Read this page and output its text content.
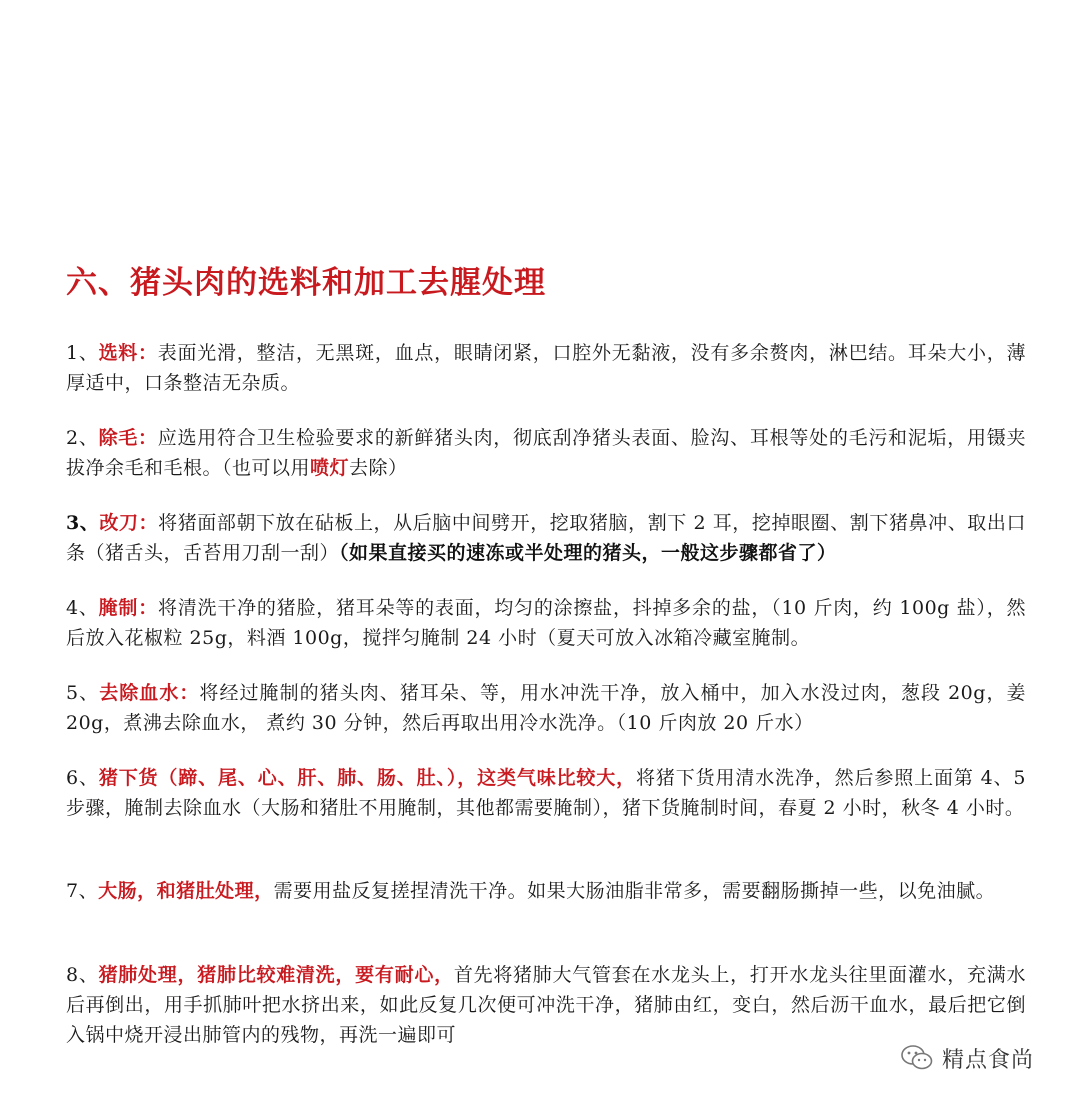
六、猪头肉的选料和加工去腥处理
1、选料：表面光滑，整洁，无黑斑，血点，眼睛闭紧，口腔外无黏液，没有多余赘肉，淋巴结。耳朵大小，薄厚适中，口条整洁无杂质。
2、除毛：应选用符合卫生检验要求的新鲜猪头肉，彻底刮净猪头表面、脸沟、耳根等处的毛污和泥垢，用镊夹拔净余毛和毛根。（也可以用喷灯去除）
3、改刀：将猪面部朝下放在砧板上，从后脑中间劈开，挖取猪脑，割下 2 耳，挖掉眼圈、割下猪鼻冲、取出口条（猪舌头，舌苔用刀刮一刮）（如果直接买的速冻或半处理的猪头，一般这步骤都省了）
4、腌制：将清洗干净的猪脸，猪耳朵等的表面，均匀的涂擦盐，抖掉多余的盐，（10 斤肉，约 100g 盐），然后放入花椒粒 25g，料酒 100g，搅拌匀腌制 24 小时（夏天可放入冰箱冷藏室腌制。
5、去除血水：将经过腌制的猪头肉、猪耳朵、等，用水冲洗干净，放入桶中，加入水没过肉，葱段 20g，姜 20g，煮沸去除血水， 煮约 30 分钟，然后再取出用冷水洗净。（10 斤肉放 20 斤水）
6、猪下货（蹄、尾、心、肝、肺、肠、肚、），这类气味比较大，将猪下货用清水洗净，然后参照上面第 4、5 步骤，腌制去除血水（大肠和猪肚不用腌制，其他都需要腌制），猪下货腌制时间，春夏 2 小时，秋冬 4 小时。
7、大肠，和猪肚处理，需要用盐反复搓捏清洗干净。如果大肠油脂非常多，需要翻肠撕掉一些，以免油腻。
8、猪肺处理，猪肺比较难清洗，要有耐心，首先将猪肺大气管套在水龙头上，打开水龙头往里面灌水，充满水后再倒出，用手抓肺叶把水挤出来，如此反复几次便可冲洗干净，猪肺由红，变白，然后沥干血水，最后把它倒入锅中烧开浸出肺管内的残物，再洗一遍即可
精点食尚
